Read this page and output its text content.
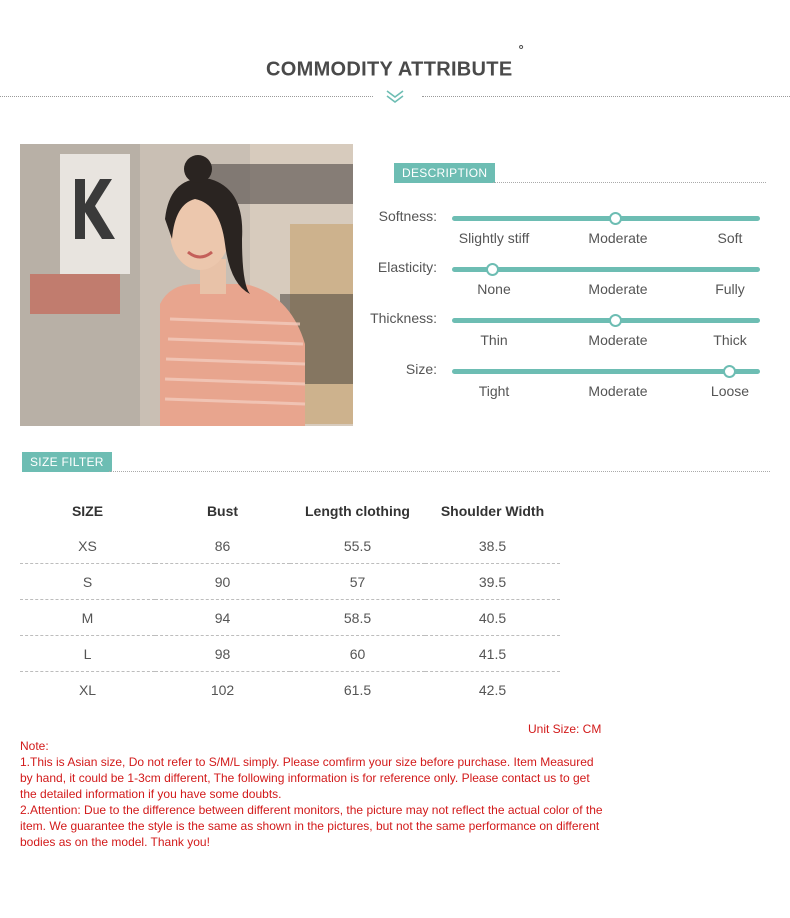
COMMODITY ATTRIBUTE°
DESCRIPTION
Softness:
Slightly stiff	Moderate	Soft
Elasticity:
None	Moderate	Fully
Thickness:
Thin	Moderate	Thick
Size:
Tight	Moderate	Loose
SIZE FILTER
SIZE	Bust	Length clothing	Shoulder Width
XS	86	55.5	38.5
S	90	57	39.5
M	94	58.5	40.5
L	98	60	41.5
XL	102	61.5	42.5
Unit Size: CM

Note:

1.This is Asian size, Do not refer to S/M/L simply. Please comfirm your size before purchase. Item Measured by hand, it could be 1-3cm different, The following information is for reference only. Please contact us to get the detailed information if you have some doubts.

2.Attention: Due to the difference between different monitors, the picture may not reflect the actual color of the item. We guarantee the style is the same as shown in the pictures, but not the same performance on different bodies as on the model. Thank you!
